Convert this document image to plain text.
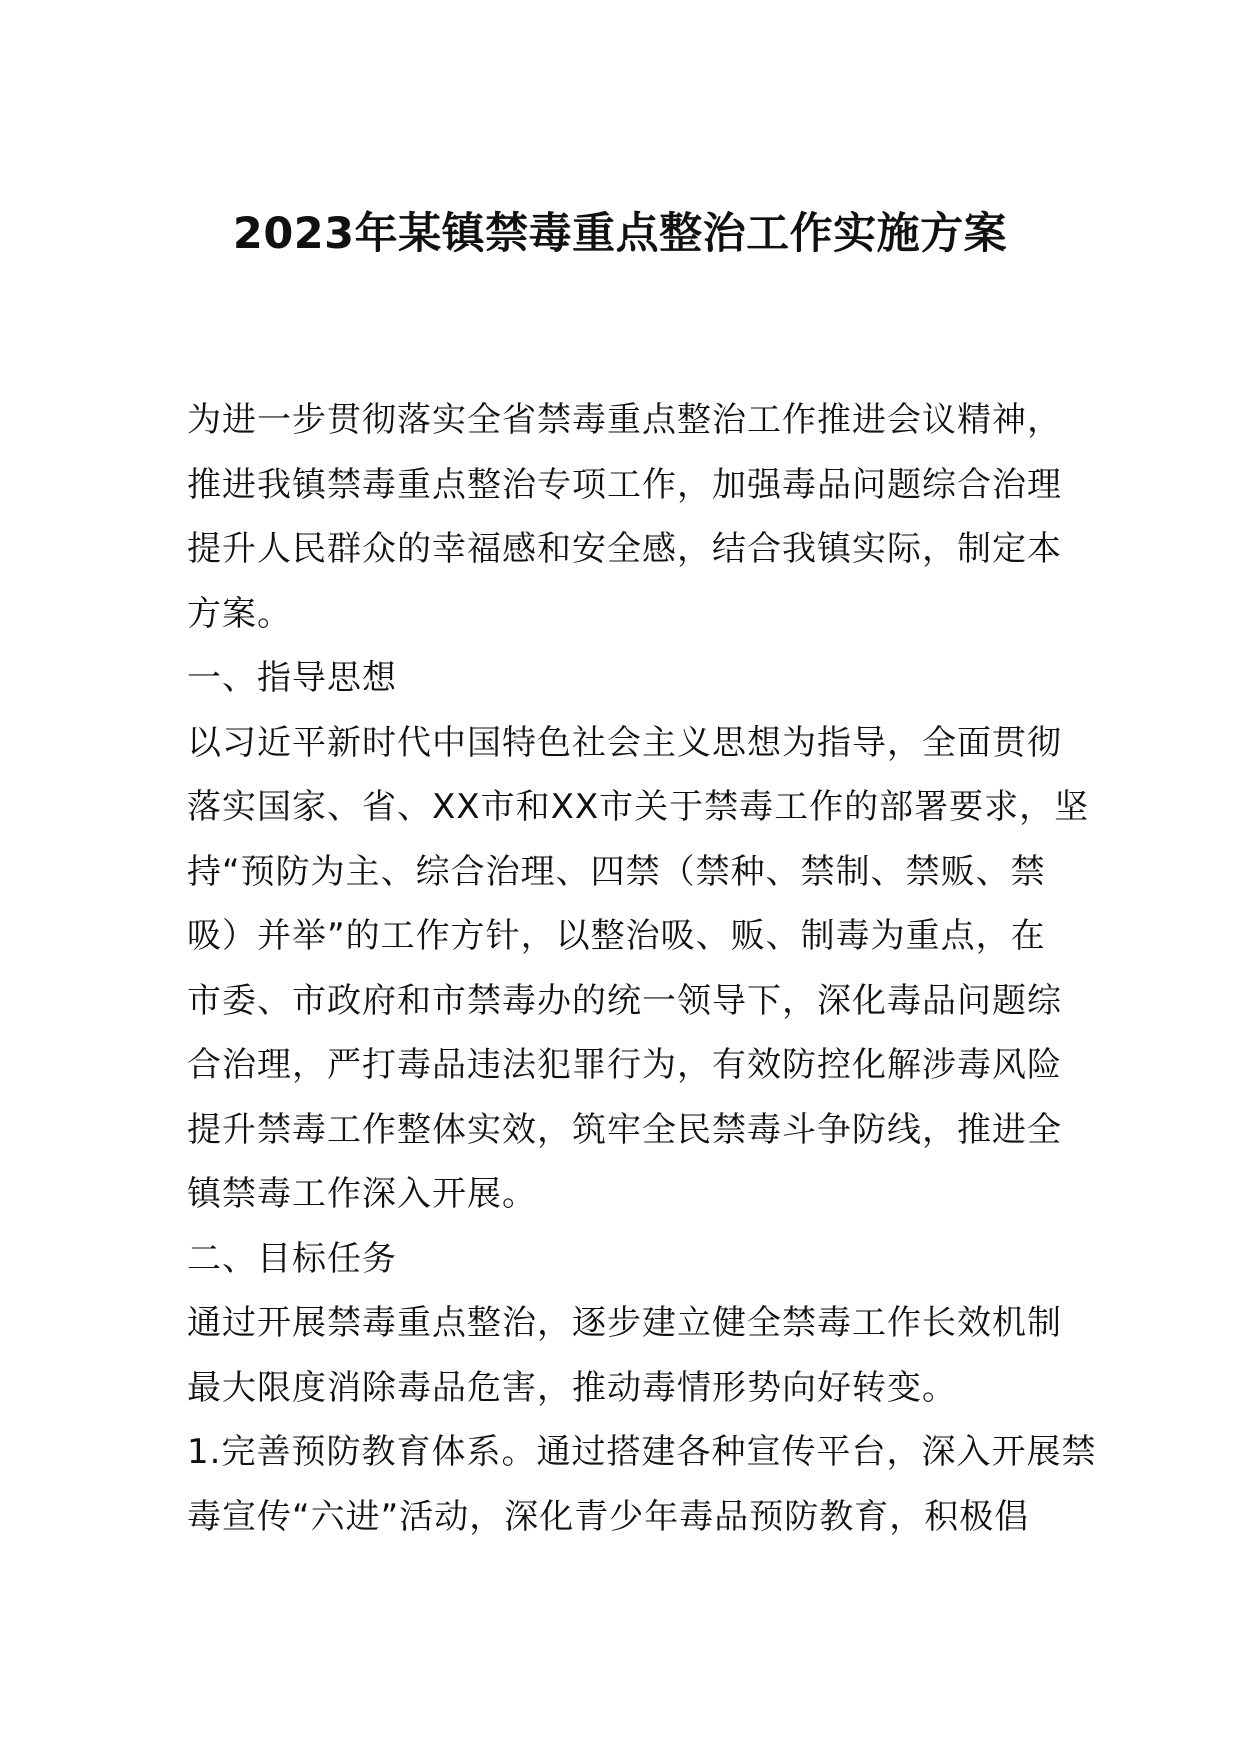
2023年某镇禁毒重点整治工作实施方案
为进一步贯彻落实全省禁毒重点整治工作推进会议精神，
推进我镇禁毒重点整治专项工作，加强毒品问题综合治理
提升人民群众的幸福感和安全感，结合我镇实际，制定本
方案。
一、指导思想
以习近平新时代中国特色社会主义思想为指导，全面贯彻
落实国家、省、XX市和XX市关于禁毒工作的部署要求，坚
持“预防为主、综合治理、四禁（禁种、禁制、禁贩、禁
吸）并举”的工作方针，以整治吸、贩、制毒为重点，在
市委、市政府和市禁毒办的统一领导下，深化毒品问题综
合治理，严打毒品违法犯罪行为，有效防控化解涉毒风险
提升禁毒工作整体实效，筑牢全民禁毒斗争防线，推进全
镇禁毒工作深入开展。
二、目标任务
通过开展禁毒重点整治，逐步建立健全禁毒工作长效机制
最大限度消除毒品危害，推动毒情形势向好转变。
1.完善预防教育体系。通过搭建各种宣传平台，深入开展禁
毒宣传“六进”活动，深化青少年毒品预防教育，积极倡
